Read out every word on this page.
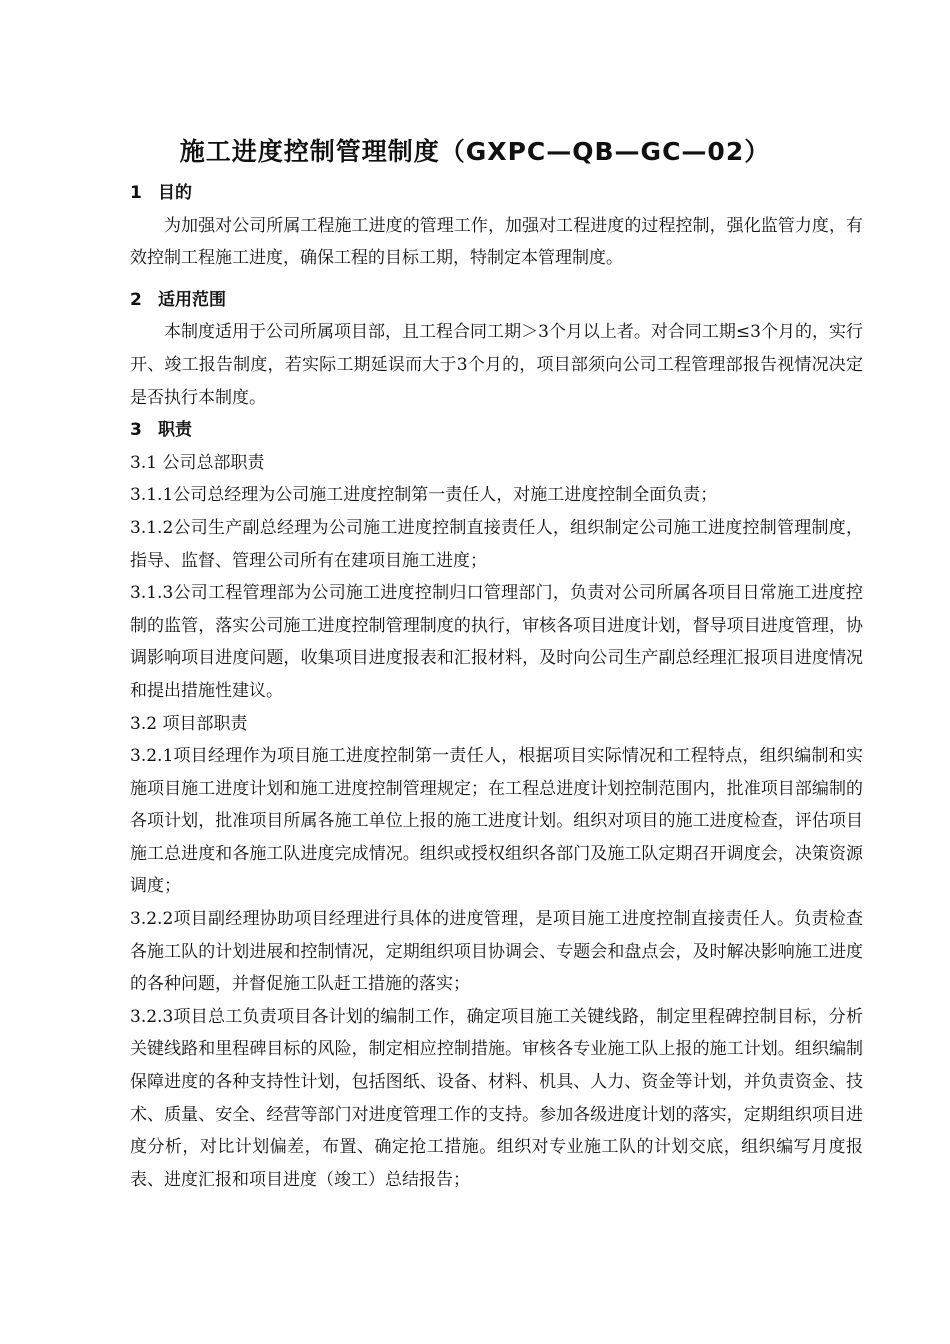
施工进度控制管理制度（GXPC—QB—GC—02）

1 目的

为加强对公司所属工程施工进度的管理工作，加强对工程进度的过程控制，强化监管力度，有效控制工程施工进度，确保工程的目标工期，特制定本管理制度。

2 适用范围

本制度适用于公司所属项目部，且工程合同工期＞3个月以上者。对合同工期≤3个月的，实行开、竣工报告制度，若实际工期延误而大于3个月的，项目部须向公司工程管理部报告视情况决定是否执行本制度。

3 职责

3.1 公司总部职责

3.1.1公司总经理为公司施工进度控制第一责任人，对施工进度控制全面负责；

3.1.2公司生产副总经理为公司施工进度控制直接责任人，组织制定公司施工进度控制管理制度，指导、监督、管理公司所有在建项目施工进度；

3.1.3公司工程管理部为公司施工进度控制归口管理部门，负责对公司所属各项目日常施工进度控制的监管，落实公司施工进度控制管理制度的执行，审核各项目进度计划，督导项目进度管理，协调影响项目进度问题，收集项目进度报表和汇报材料，及时向公司生产副总经理汇报项目进度情况和提出措施性建议。

3.2 项目部职责

3.2.1项目经理作为项目施工进度控制第一责任人，根据项目实际情况和工程特点，组织编制和实施项目施工进度计划和施工进度控制管理规定；在工程总进度计划控制范围内，批准项目部编制的各项计划，批准项目所属各施工单位上报的施工进度计划。组织对项目的施工进度检查，评估项目施工总进度和各施工队进度完成情况。组织或授权组织各部门及施工队定期召开调度会，决策资源调度；

3.2.2项目副经理协助项目经理进行具体的进度管理，是项目施工进度控制直接责任人。负责检查各施工队的计划进展和控制情况，定期组织项目协调会、专题会和盘点会，及时解决影响施工进度的各种问题，并督促施工队赶工措施的落实；

3.2.3项目总工负责项目各计划的编制工作，确定项目施工关键线路，制定里程碑控制目标，分析关键线路和里程碑目标的风险，制定相应控制措施。审核各专业施工队上报的施工计划。组织编制保障进度的各种支持性计划，包括图纸、设备、材料、机具、人力、资金等计划，并负责资金、技术、质量、安全、经营等部门对进度管理工作的支持。参加各级进度计划的落实，定期组织项目进度分析，对比计划偏差，布置、确定抢工措施。组织对专业施工队的计划交底，组织编写月度报表、进度汇报和项目进度（竣工）总结报告；
